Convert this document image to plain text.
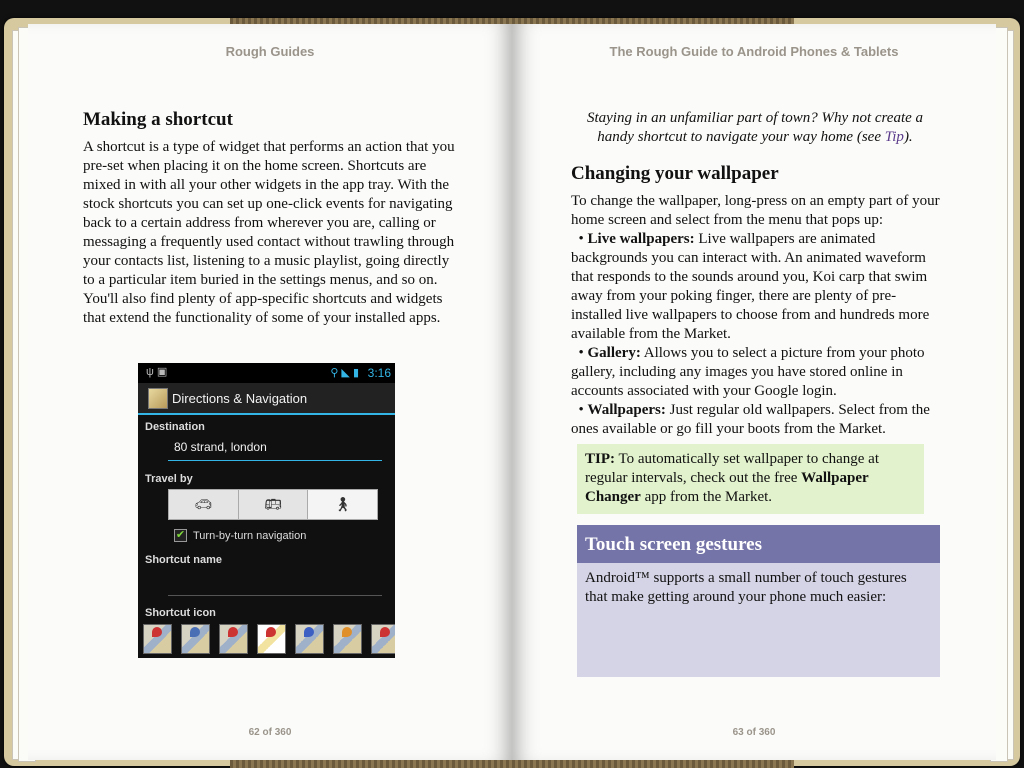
Rough Guides
Making a shortcut

A shortcut is a type of widget that performs an action that you pre-set when placing it on the home screen. Shortcuts are mixed in with all your other widgets in the app tray. With the stock shortcuts you can set up one-click events for navigating back to a certain address from wherever you are, calling or messaging a frequently used contact without trawling through your contacts list, listening to a music playlist, going directly to a particular item buried in the settings menus, and so on. You'll also find plenty of app-specific shortcuts and widgets that extend the functionality of some of your installed apps.

ψ ▣	⚲ ◣ ▮ 3:16
Directions & Navigation
Destination
80 strand, london
Travel by
🚗︎	🚌︎	🚶︎
✔ Turn-by-turn navigation
Shortcut name
Shortcut icon
62 of 360
The Rough Guide to Android Phones & Tablets
Staying in an unfamiliar part of town? Why not create a handy shortcut to navigate your way home (see Tip).
Changing your wallpaper
To change the wallpaper, long-press on an empty part of your home screen and select from the menu that pops up:
• Live wallpapers: Live wallpapers are animated backgrounds you can interact with. An animated waveform that responds to the sounds around you, Koi carp that swim away from your poking finger, there are plenty of pre-installed live wallpapers to choose from and hundreds more available from the Market.
• Gallery: Allows you to select a picture from your photo gallery, including any images you have stored online in accounts associated with your Google login.
• Wallpapers: Just regular old wallpapers. Select from the ones available or go fill your boots from the Market.
TIP: To automatically set wallpaper to change at regular intervals, check out the free Wallpaper Changer app from the Market.
Touch screen gestures
Android™ supports a small number of touch gestures that make getting around your phone much easier:
63 of 360
